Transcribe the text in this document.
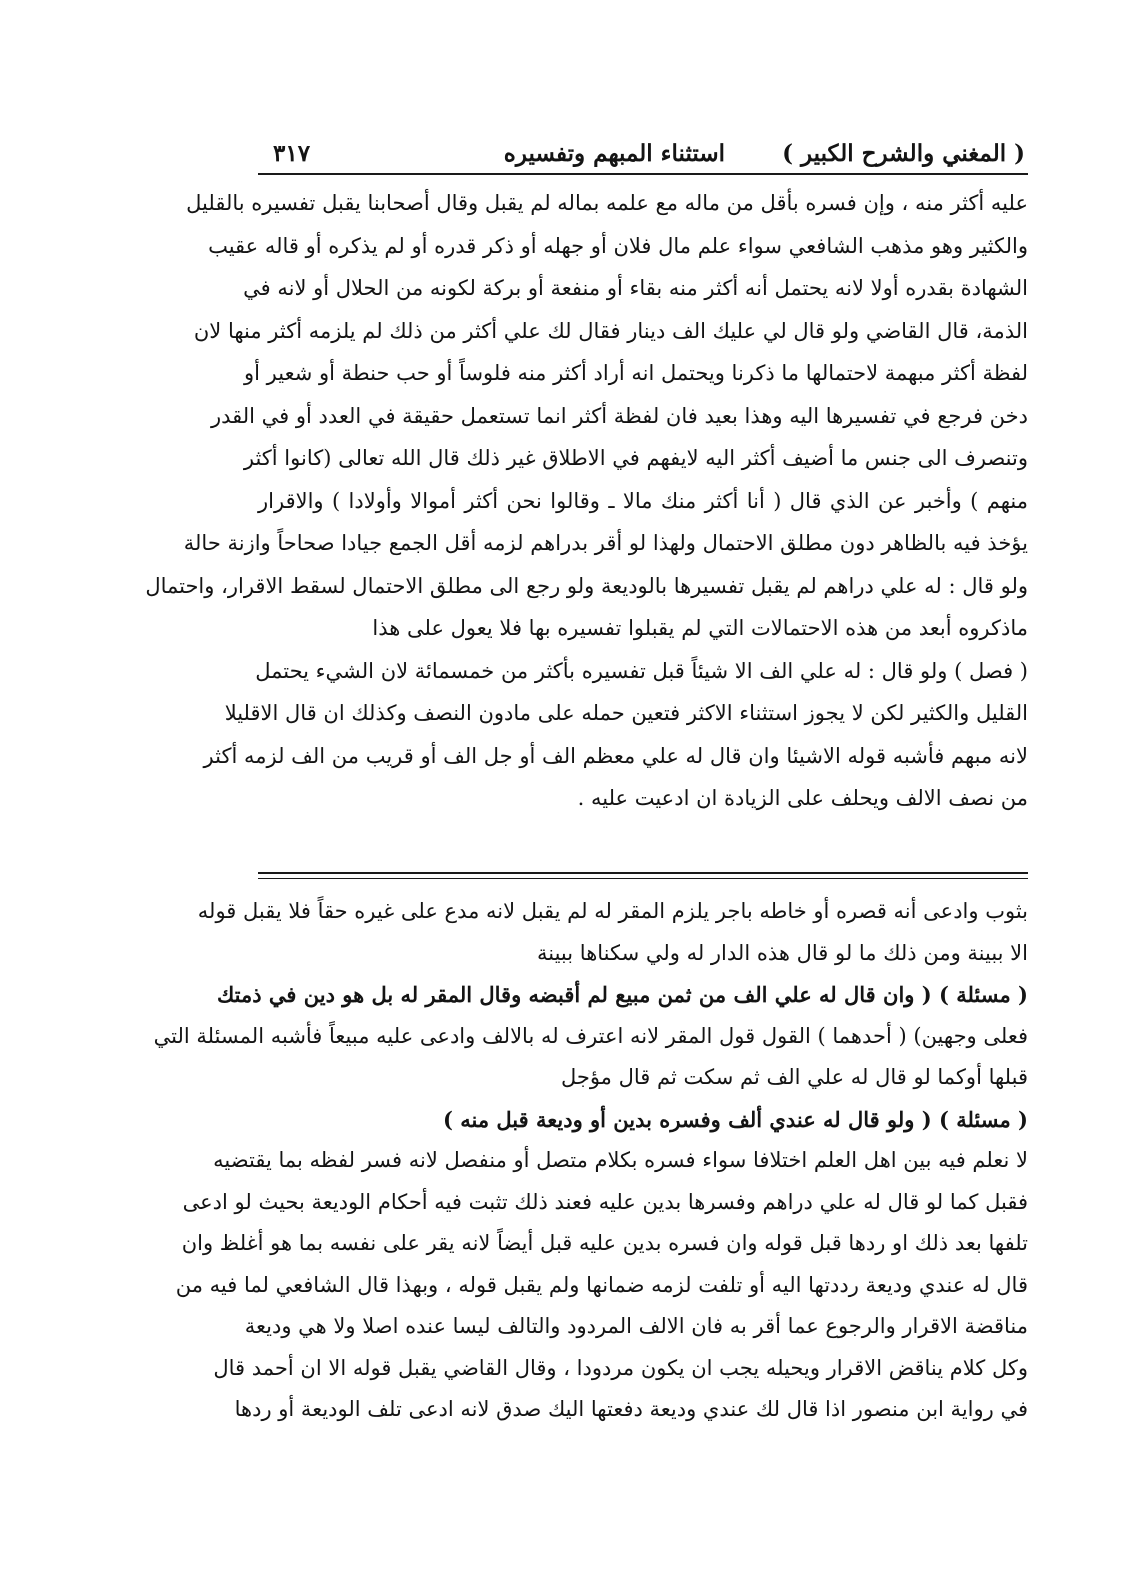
( المغني والشرح الكبير )
استثناء المبهم وتفسيره
٣١٧
عليه أكثر منه ، وإن فسره بأقل من ماله مع علمه بماله لم يقبل وقال أصحابنا يقبل تفسيره بالقليل
والكثير وهو مذهب الشافعي سواء علم مال فلان أو جهله أو ذكر قدره أو لم يذكره أو قاله عقيب
الشهادة بقدره أولا لانه يحتمل أنه أكثر منه بقاء أو منفعة أو بركة لكونه من الحلال أو لانه في
الذمة، قال القاضي ولو قال لي عليك الف دينار فقال لك علي أكثر من ذلك لم يلزمه أكثر منها لان
لفظة أكثر مبهمة لاحتمالها ما ذكرنا ويحتمل انه أراد أكثر منه فلوساً أو حب حنطة أو شعير أو
دخن فرجع في تفسيرها اليه وهذا بعيد فان لفظة أكثر انما تستعمل حقيقة في العدد أو في القدر
وتنصرف الى جنس ما أضيف أكثر اليه لايفهم في الاطلاق غير ذلك قال الله تعالى (كانوا أكثر
منهم ) وأخبر عن الذي قال ( أنا أكثر منك مالا ـ وقالوا نحن أكثر أموالا وأولادا ) والاقرار
يؤخذ فيه بالظاهر دون مطلق الاحتمال ولهذا لو أقر بدراهم لزمه أقل الجمع جيادا صحاحاً وازنة حالة
ولو قال : له علي دراهم لم يقبل تفسيرها بالوديعة ولو رجع الى مطلق الاحتمال لسقط الاقرار، واحتمال
ماذكروه أبعد من هذه الاحتمالات التي لم يقبلوا تفسيره بها فلا يعول على هذا
( فصل ) ولو قال : له علي الف الا شيئاً قبل تفسيره بأكثر من خمسمائة لان الشيء يحتمل
القليل والكثير لكن لا يجوز استثناء الاكثر فتعين حمله على مادون النصف وكذلك ان قال الاقليلا
لانه مبهم فأشبه قوله الاشيئا وان قال له علي معظم الف أو جل الف أو قريب من الف لزمه أكثر
من نصف الالف ويحلف على الزيادة ان ادعيت عليه .
بثوب وادعى أنه قصره أو خاطه باجر يلزم المقر له لم يقبل لانه مدع على غيره حقاً فلا يقبل قوله
الا ببينة ومن ذلك ما لو قال هذه الدار له ولي سكناها ببينة
( مسئلة ) ( وان قال له علي الف من ثمن مبيع لم أقبضه وقال المقر له بل هو دين في ذمتك
فعلى وجهين) ( أحدهما ) القول قول المقر لانه اعترف له بالالف وادعى عليه مبيعاً فأشبه المسئلة التي
قبلها أوكما لو قال له علي الف ثم سكت ثم قال مؤجل
( مسئلة ) ( ولو قال له عندي ألف وفسره بدين أو وديعة قبل منه )
لا نعلم فيه بين اهل العلم اختلافا سواء فسره بكلام متصل أو منفصل لانه فسر لفظه بما يقتضيه
فقبل كما لو قال له علي دراهم وفسرها بدين عليه فعند ذلك تثبت فيه أحكام الوديعة بحيث لو ادعى
تلفها بعد ذلك او ردها قبل قوله وان فسره بدين عليه قبل أيضاً لانه يقر على نفسه بما هو أغلظ وان
قال له عندي وديعة رددتها اليه أو تلفت لزمه ضمانها ولم يقبل قوله ، وبهذا قال الشافعي لما فيه من
مناقضة الاقرار والرجوع عما أقر به فان الالف المردود والتالف ليسا عنده اصلا ولا هي وديعة
وكل كلام يناقض الاقرار ويحيله يجب ان يكون مردودا ، وقال القاضي يقبل قوله الا ان أحمد قال
في رواية ابن منصور اذا قال لك عندي وديعة دفعتها اليك صدق لانه ادعى تلف الوديعة أو ردها
